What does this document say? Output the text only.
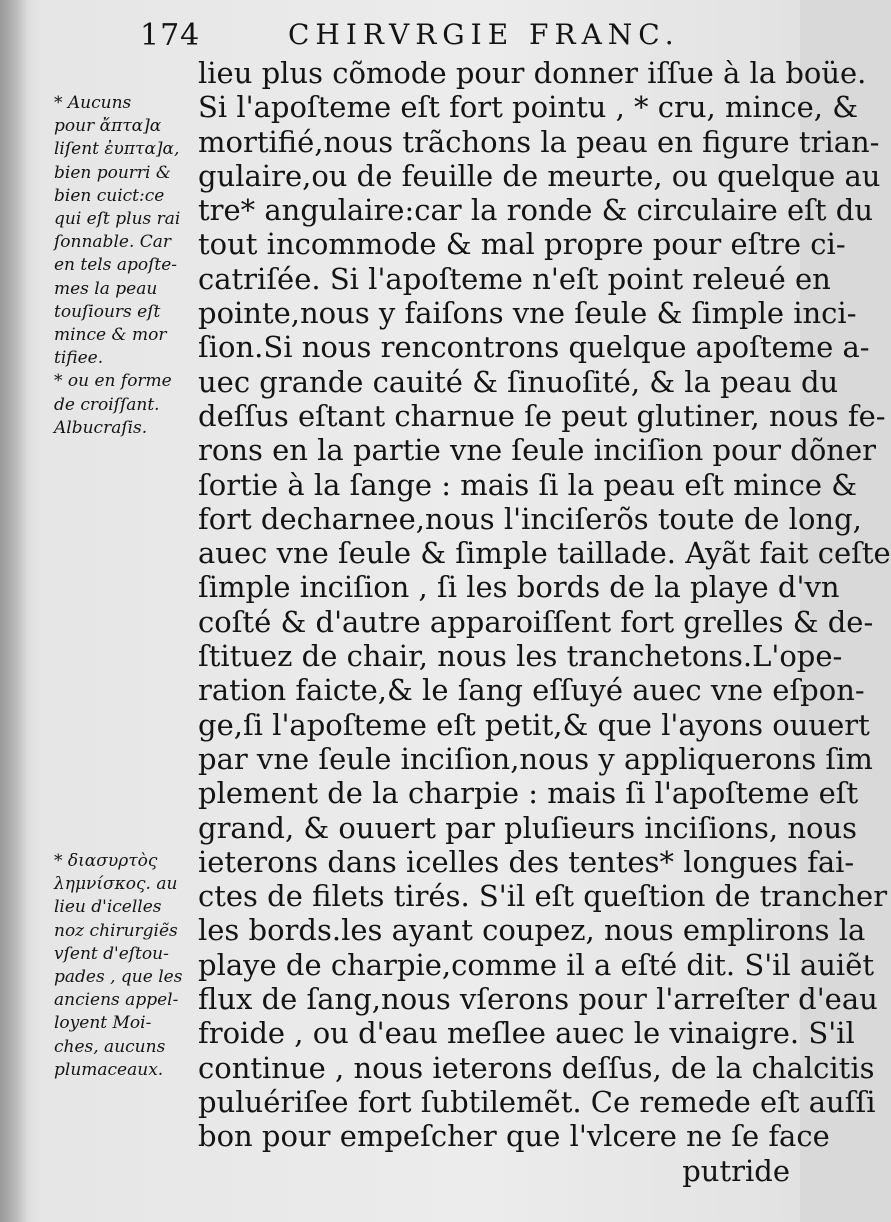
174	CHIRVRGIE FRANC.
* Aucuns
pour ἄπτα]α
liſent ἐυπτα]α,
bien pourri &
bien cuict:ce
qui eſt plus rai
ſonnable. Car
en tels apoſte-
mes la peau
touſiours eſt
mince & mor
tifiee.
* ou en forme
de croiſſant.
Albucraſis.
* διασυρτὸς
λημνίσκος. au
lieu d'icelles
noz chirurgiẽs
vſent d'eſtou-
pades , que les
anciens appel-
loyent Moi-
ches, aucuns
plumaceaux.
lieu plus cõmode pour donner iſſue à la boüe.
Si l'apoſteme eſt fort pointu , * cru, mince, &
mortifié,nous trãchons la peau en figure trian-
gulaire,ou de feuille de meurte, ou quelque au
tre* angulaire:car la ronde & circulaire eſt du
tout incommode & mal propre pour eſtre ci-
catriſée. Si l'apoſteme n'eſt point releué en
pointe,nous y faiſons vne ſeule & ſimple inci-
ſion.Si nous rencontrons quelque apoſteme a-
uec grande cauité & ſinuoſité, & la peau du
deſſus eſtant charnue ſe peut glutiner, nous fe-
rons en la partie vne ſeule inciſion pour dõner
ſortie à la ſange : mais ſi la peau eſt mince &
fort decharnee,nous l'inciſerõs toute de long,
auec vne ſeule & ſimple taillade. Ayãt fait ceſte
ſimple inciſion , ſi les bords de la playe d'vn
coſté & d'autre apparoiſſent fort grelles & de-
ſtituez de chair, nous les tranchetons.L'ope-
ration faicte,& le ſang eſſuyé auec vne eſpon-
ge,ſi l'apoſteme eſt petit,& que l'ayons ouuert
par vne ſeule inciſion,nous y appliquerons ſim
plement de la charpie : mais ſi l'apoſteme eſt
grand, & ouuert par pluſieurs inciſions, nous
ieterons dans icelles des tentes* longues fai-
ctes de filets tirés. S'il eſt queſtion de trancher
les bords.les ayant coupez, nous emplirons la
playe de charpie,comme il a eſté dit. S'il auiẽt
flux de ſang,nous vſerons pour l'arreſter d'eau
froide , ou d'eau meſlee auec le vinaigre. S'il
continue , nous ieterons deſſus, de la chalcitis
puluériſee fort ſubtilemẽt. Ce remede eſt auſſi
bon pour empeſcher que l'vlcere ne ſe face
putride
